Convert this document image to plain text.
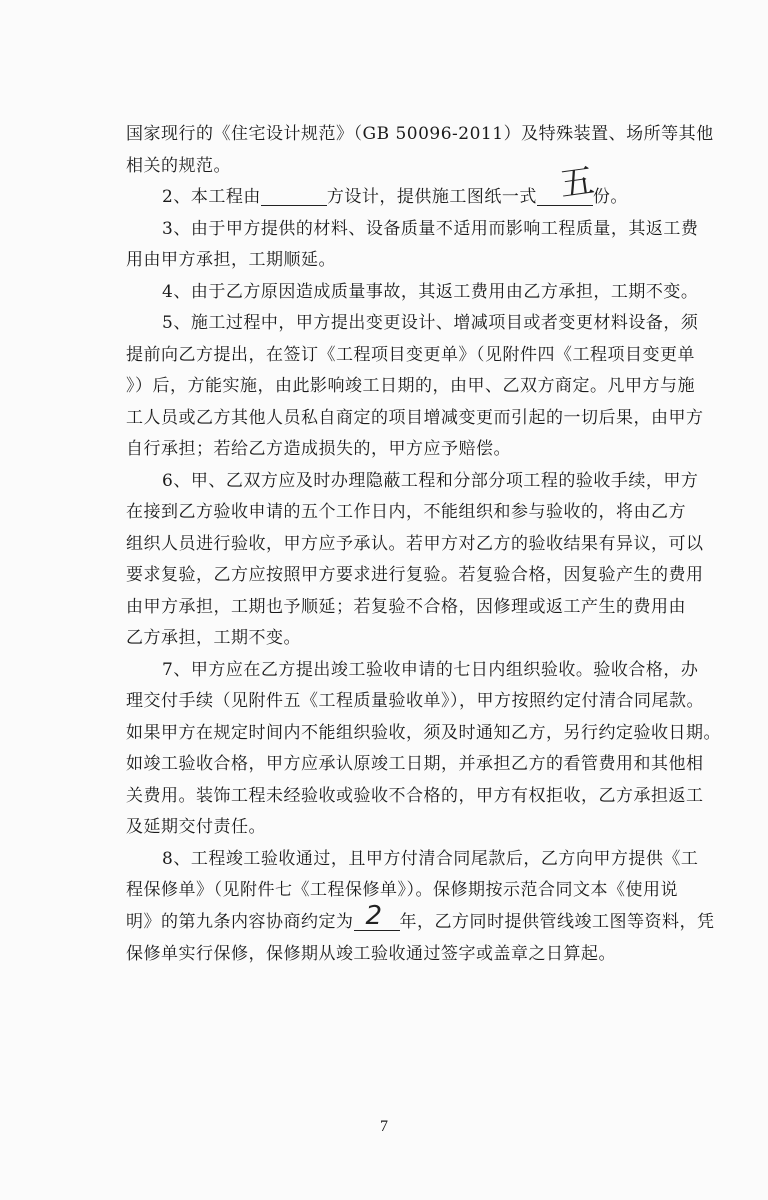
国家现行的《住宅设计规范》（GB 50096-2011）及特殊装置、场所等其他
相关的规范。
2、本工程由	方设计，提供施工图纸一式	份。
五
3、由于甲方提供的材料、设备质量不适用而影响工程质量，其返工费
用由甲方承担，工期顺延。
4、由于乙方原因造成质量事故，其返工费用由乙方承担，工期不变。
5、施工过程中，甲方提出变更设计、增减项目或者变更材料设备，须
提前向乙方提出，在签订《工程项目变更单》（见附件四《工程项目变更单
》）后，方能实施，由此影响竣工日期的，由甲、乙双方商定。凡甲方与施
工人员或乙方其他人员私自商定的项目增减变更而引起的一切后果，由甲方
自行承担；若给乙方造成损失的，甲方应予赔偿。
6、甲、乙双方应及时办理隐蔽工程和分部分项工程的验收手续，甲方
在接到乙方验收申请的五个工作日内，不能组织和参与验收的，将由乙方
组织人员进行验收，甲方应予承认。若甲方对乙方的验收结果有异议，可以
要求复验，乙方应按照甲方要求进行复验。若复验合格，因复验产生的费用
由甲方承担，工期也予顺延；若复验不合格，因修理或返工产生的费用由
乙方承担，工期不变。
7、甲方应在乙方提出竣工验收申请的七日内组织验收。验收合格，办
理交付手续（见附件五《工程质量验收单》），甲方按照约定付清合同尾款。
如果甲方在规定时间内不能组织验收，须及时通知乙方，另行约定验收日期。
如竣工验收合格，甲方应承认原竣工日期，并承担乙方的看管费用和其他相
关费用。装饰工程未经验收或验收不合格的，甲方有权拒收，乙方承担返工
及延期交付责任。
8、工程竣工验收通过，且甲方付清合同尾款后，乙方向甲方提供《工
程保修单》（见附件七《工程保修单》）。保修期按示范合同文本《使用说
明》的第九条内容协商约定为 2 年，乙方同时提供管线竣工图等资料，凭
保修单实行保修，保修期从竣工验收通过签字或盖章之日算起。
7
